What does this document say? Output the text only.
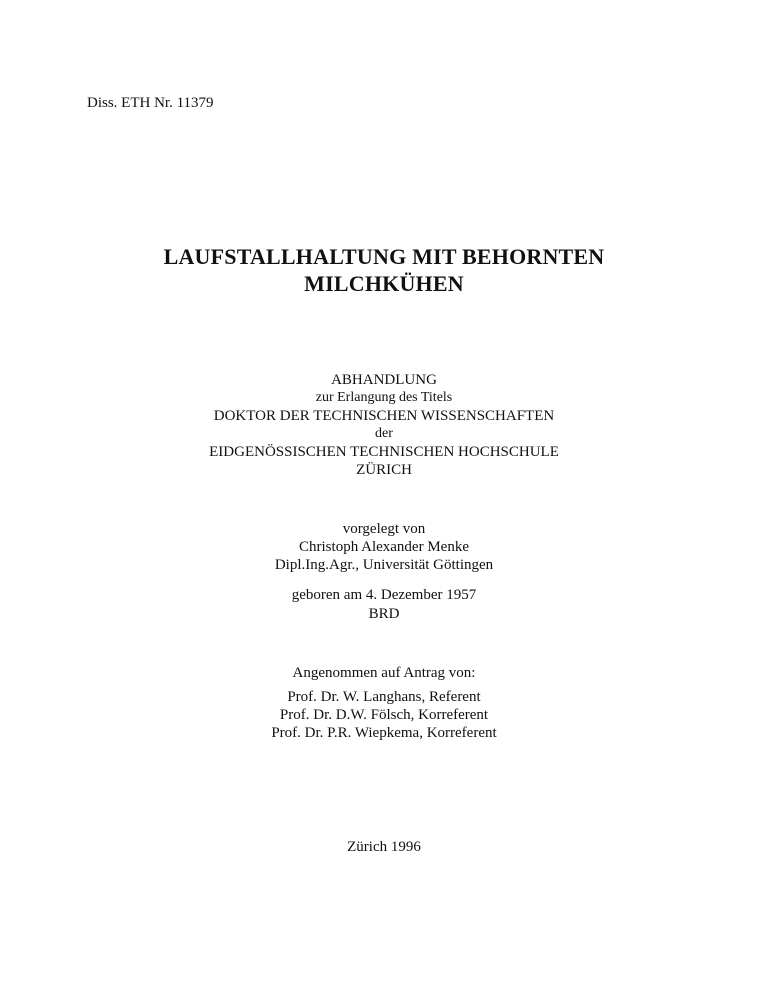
Diss. ETH Nr. 11379
LAUFSTALLHALTUNG MIT BEHORNTEN
MILCHKÜHEN
ABHANDLUNG
zur Erlangung des Titels
DOKTOR DER TECHNISCHEN WISSENSCHAFTEN
der
EIDGENÖSSISCHEN TECHNISCHEN HOCHSCHULE
ZÜRICH
vorgelegt von
Christoph Alexander Menke
Dipl.Ing.Agr., Universität Göttingen
geboren am 4. Dezember 1957
BRD
Angenommen auf Antrag von:
Prof. Dr. W. Langhans, Referent
Prof. Dr. D.W. Fölsch, Korreferent
Prof. Dr. P.R. Wiepkema, Korreferent
Zürich 1996
